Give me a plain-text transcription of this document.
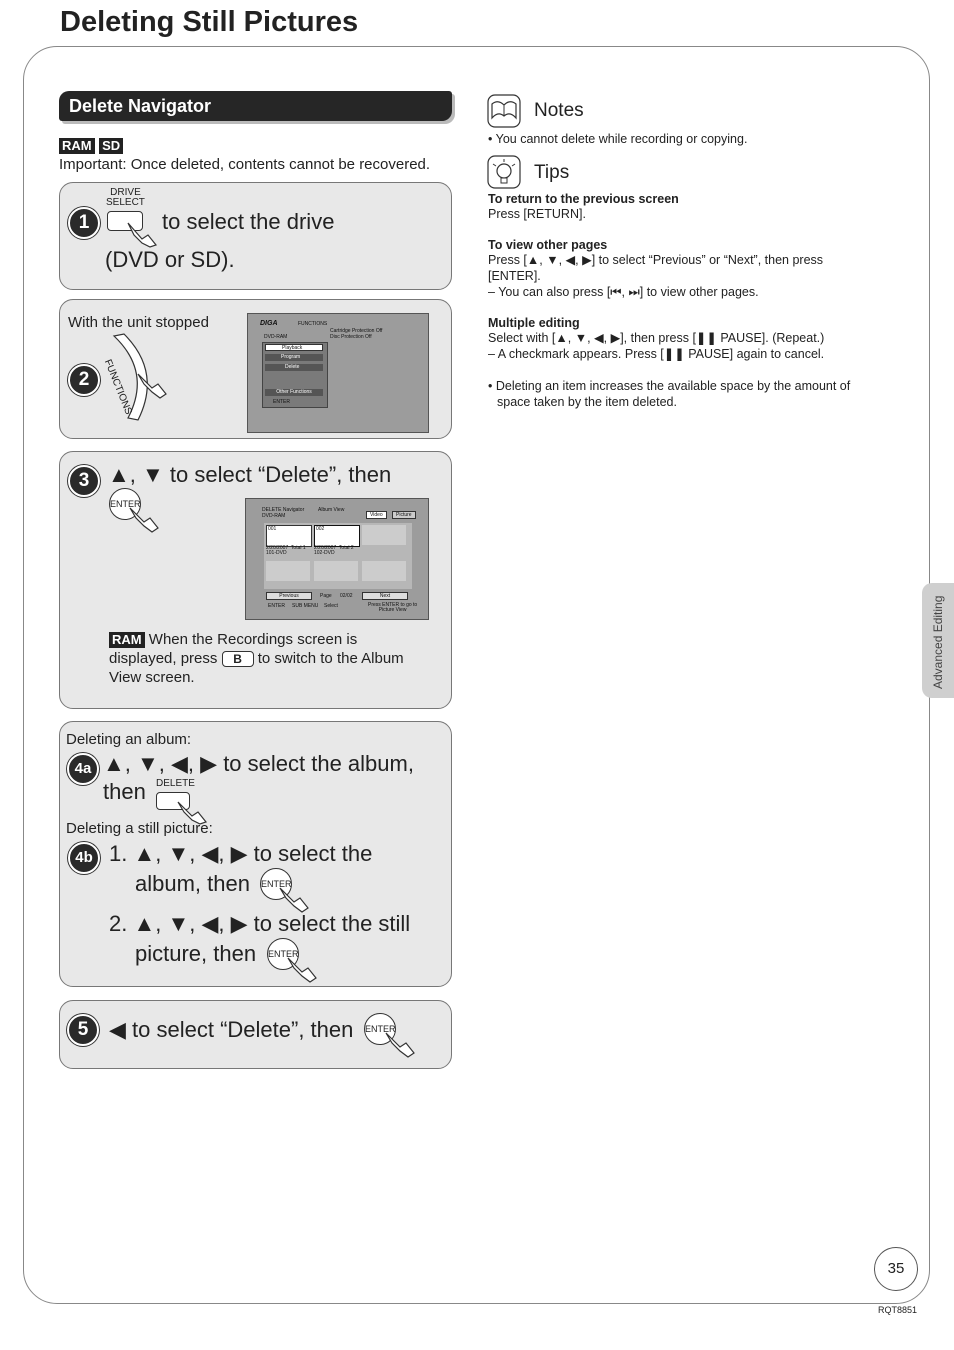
Deleting Still Pictures
Delete Navigator
RAM SD
Important: Once deleted, contents cannot be recovered.
1
DRIVE
SELECT
to select the drive
(DVD or SD).
With the unit stopped
2	FUNCTIONS
DIGA	FUNCTIONS
Cartridge Protection Off
Disc Protection Off
DVD-RAM
Playback
Program
Delete
Other Functions
ENTER
3 ▲, ▼ to select “Delete”, then
ENTER
DELETE Navigator	Album View
DVD-RAM	Video	Picture
001
2/20/2007  Total 1
101-DVD
002
2/20/2007  Total 2
102-DVD
Previous	Page 02/02	Next
ENTER SUB MENU Select	Press ENTER to go to
Picture View
RAM When the Recordings screen is
displayed, press B to switch to the Album
View screen.
Deleting an album:
4a ▲, ▼, ◀, ▶ to select the album,
then DELETE
Deleting a still picture:
4b 1. ▲, ▼, ◀, ▶ to select the
album, then ENTER
2. ▲, ▼, ◀, ▶ to select the still
picture, then ENTER
5 ◀ to select “Delete”, then ENTER
Notes
• You cannot delete while recording or copying.
Tips

To return to the previous screen

Press [RETURN].

To view other pages

Press [▲, ▼, ◀, ▶] to select “Previous” or “Next”, then press

[ENTER].

– You can also press [⏮, ⏭] to view other pages.

Multiple editing

Select with [▲, ▼, ◀, ▶], then press [❚❚ PAUSE]. (Repeat.)

– A checkmark appears. Press [❚❚ PAUSE] again to cancel.

• Deleting an item increases the available space by the amount of

space taken by the item deleted.

Advanced Editing
35
RQT8851
